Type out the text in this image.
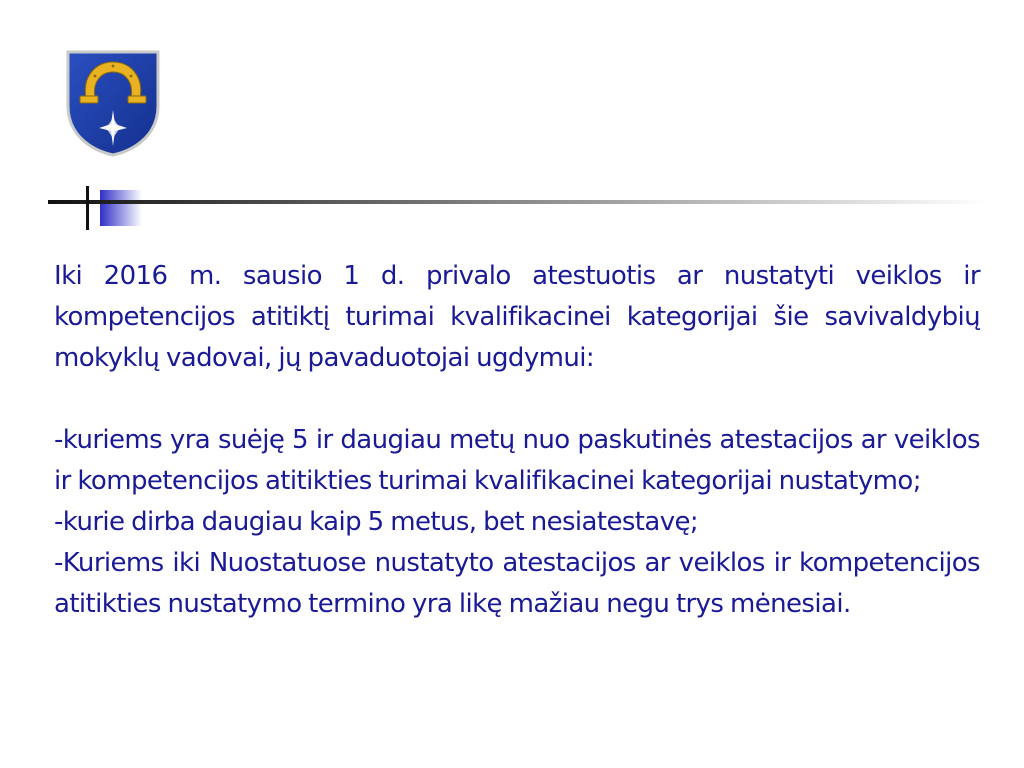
Iki 2016 m. sausio 1 d. privalo atestuotis ar nustatyti veiklos ir kompetencijos atitiktį turimai kvalifikacinei kategorijai šie savivaldybių mokyklų vadovai, jų pavaduotojai ugdymui:

-kuriems yra suėję 5 ir daugiau metų nuo paskutinės atestacijos ar veiklos ir kompetencijos atitikties turimai kvalifikacinei kategorijai nustatymo;

-kurie dirba daugiau kaip 5 metus, bet nesiatestavę;

-Kuriems iki Nuostatuose nustatyto atestacijos ar veiklos ir kompetencijos atitikties nustatymo termino yra likę mažiau negu trys mėnesiai.
